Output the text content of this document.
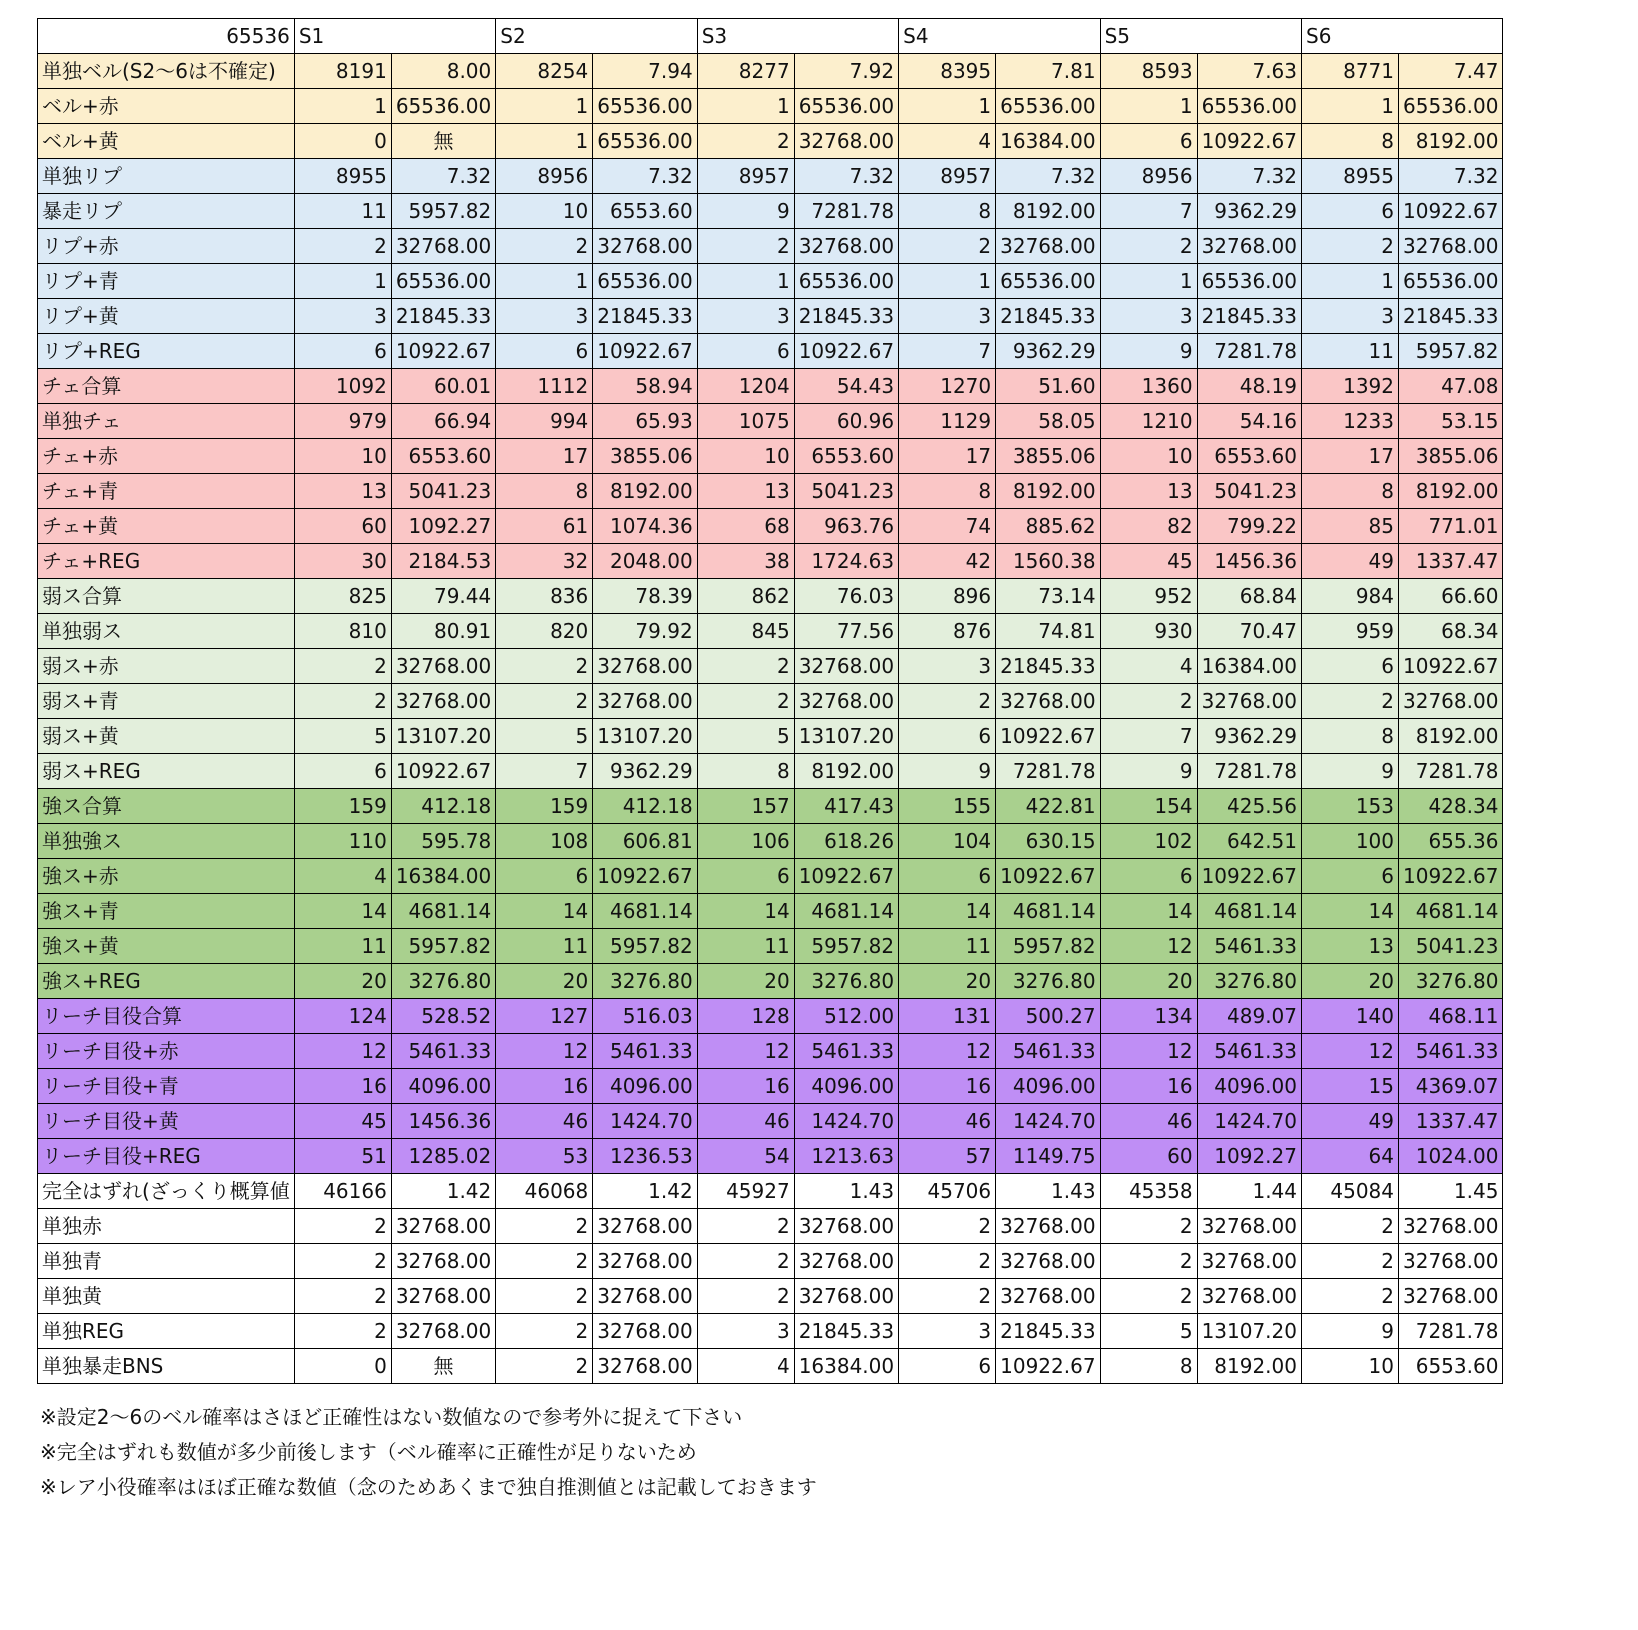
65536	S1		S2		S3		S4		S5		S6	
単独ベル(S2～6は不確定)	8191	8.00	8254	7.94	8277	7.92	8395	7.81	8593	7.63	8771	7.47
ベル+赤	1	65536.00	1	65536.00	1	65536.00	1	65536.00	1	65536.00	1	65536.00
ベル+黄	0	無	1	65536.00	2	32768.00	4	16384.00	6	10922.67	8	8192.00
単独リプ	8955	7.32	8956	7.32	8957	7.32	8957	7.32	8956	7.32	8955	7.32
暴走リプ	11	5957.82	10	6553.60	9	7281.78	8	8192.00	7	9362.29	6	10922.67
リプ+赤	2	32768.00	2	32768.00	2	32768.00	2	32768.00	2	32768.00	2	32768.00
リプ+青	1	65536.00	1	65536.00	1	65536.00	1	65536.00	1	65536.00	1	65536.00
リプ+黄	3	21845.33	3	21845.33	3	21845.33	3	21845.33	3	21845.33	3	21845.33
リプ+REG	6	10922.67	6	10922.67	6	10922.67	7	9362.29	9	7281.78	11	5957.82
チェ合算	1092	60.01	1112	58.94	1204	54.43	1270	51.60	1360	48.19	1392	47.08
単独チェ	979	66.94	994	65.93	1075	60.96	1129	58.05	1210	54.16	1233	53.15
チェ+赤	10	6553.60	17	3855.06	10	6553.60	17	3855.06	10	6553.60	17	3855.06
チェ+青	13	5041.23	8	8192.00	13	5041.23	8	8192.00	13	5041.23	8	8192.00
チェ+黄	60	1092.27	61	1074.36	68	963.76	74	885.62	82	799.22	85	771.01
チェ+REG	30	2184.53	32	2048.00	38	1724.63	42	1560.38	45	1456.36	49	1337.47
弱ス合算	825	79.44	836	78.39	862	76.03	896	73.14	952	68.84	984	66.60
単独弱ス	810	80.91	820	79.92	845	77.56	876	74.81	930	70.47	959	68.34
弱ス+赤	2	32768.00	2	32768.00	2	32768.00	3	21845.33	4	16384.00	6	10922.67
弱ス+青	2	32768.00	2	32768.00	2	32768.00	2	32768.00	2	32768.00	2	32768.00
弱ス+黄	5	13107.20	5	13107.20	5	13107.20	6	10922.67	7	9362.29	8	8192.00
弱ス+REG	6	10922.67	7	9362.29	8	8192.00	9	7281.78	9	7281.78	9	7281.78
強ス合算	159	412.18	159	412.18	157	417.43	155	422.81	154	425.56	153	428.34
単独強ス	110	595.78	108	606.81	106	618.26	104	630.15	102	642.51	100	655.36
強ス+赤	4	16384.00	6	10922.67	6	10922.67	6	10922.67	6	10922.67	6	10922.67
強ス+青	14	4681.14	14	4681.14	14	4681.14	14	4681.14	14	4681.14	14	4681.14
強ス+黄	11	5957.82	11	5957.82	11	5957.82	11	5957.82	12	5461.33	13	5041.23
強ス+REG	20	3276.80	20	3276.80	20	3276.80	20	3276.80	20	3276.80	20	3276.80
リーチ目役合算	124	528.52	127	516.03	128	512.00	131	500.27	134	489.07	140	468.11
リーチ目役+赤	12	5461.33	12	5461.33	12	5461.33	12	5461.33	12	5461.33	12	5461.33
リーチ目役+青	16	4096.00	16	4096.00	16	4096.00	16	4096.00	16	4096.00	15	4369.07
リーチ目役+黄	45	1456.36	46	1424.70	46	1424.70	46	1424.70	46	1424.70	49	1337.47
リーチ目役+REG	51	1285.02	53	1236.53	54	1213.63	57	1149.75	60	1092.27	64	1024.00
完全はずれ(ざっくり概算値	46166	1.42	46068	1.42	45927	1.43	45706	1.43	45358	1.44	45084	1.45
単独赤	2	32768.00	2	32768.00	2	32768.00	2	32768.00	2	32768.00	2	32768.00
単独青	2	32768.00	2	32768.00	2	32768.00	2	32768.00	2	32768.00	2	32768.00
単独黄	2	32768.00	2	32768.00	2	32768.00	2	32768.00	2	32768.00	2	32768.00
単独REG	2	32768.00	2	32768.00	3	21845.33	3	21845.33	5	13107.20	9	7281.78
単独暴走BNS	0	無	2	32768.00	4	16384.00	6	10922.67	8	8192.00	10	6553.60
※設定2～6のベル確率はさほど正確性はない数値なので参考外に捉えて下さい
※完全はずれも数値が多少前後します（ベル確率に正確性が足りないため
※レア小役確率はほぼ正確な数値（念のためあくまで独自推測値とは記載しておきます
